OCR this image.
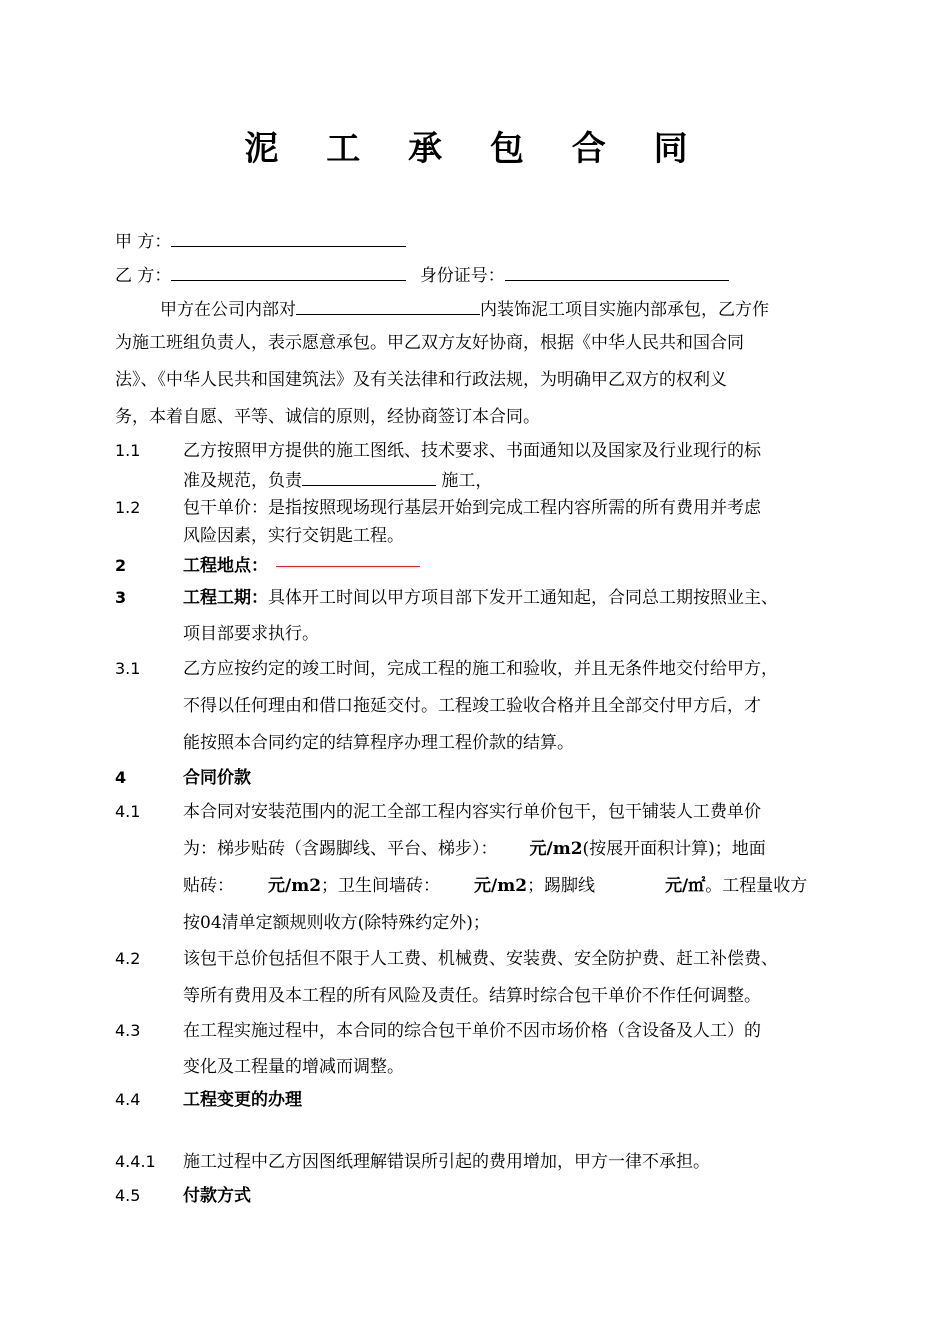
泥 工 承 包 合 同
甲 方：
乙 方：	身份证号：
甲方在公司内部对	内装饰泥工项目实施内部承包，乙方作
为施工班组负责人，表示愿意承包。甲乙双方友好协商，根据《中华人民共和国合同
法》、《中华人民共和国建筑法》及有关法律和行政法规，为明确甲乙双方的权利义
务，本着自愿、平等、诚信的原则，经协商签订本合同。
1.1	乙方按照甲方提供的施工图纸、技术要求、书面通知以及国家及行业现行的标
准及规范，负责	施工，
1.2	包干单价：是指按照现场现行基层开始到完成工程内容所需的所有费用并考虑
风险因素，实行交钥匙工程。
2	工程地点：
3	工程工期：具体开工时间以甲方项目部下发开工通知起，合同总工期按照业主、
项目部要求执行。
3.1	乙方应按约定的竣工时间，完成工程的施工和验收，并且无条件地交付给甲方，
不得以任何理由和借口拖延交付。工程竣工验收合格并且全部交付甲方后，才
能按照本合同约定的结算程序办理工程价款的结算。
4	合同价款
4.1	本合同对安装范围内的泥工全部工程内容实行单价包干，包干铺装人工费单价
为：梯步贴砖（含踢脚线、平台、梯步）： 元/m2(按展开面积计算)；地面
贴砖： 元/m2；卫生间墙砖： 元/m2；踢脚线	元/㎡。工程量收方
按04清单定额规则收方(除特殊约定外)；
4.2	该包干总价包括但不限于人工费、机械费、安装费、安全防护费、赶工补偿费、
等所有费用及本工程的所有风险及责任。结算时综合包干单价不作任何调整。
4.3	在工程实施过程中，本合同的综合包干单价不因市场价格（含设备及人工）的
变化及工程量的增减而调整。
4.4	工程变更的办理
4.4.1 施工过程中乙方因图纸理解错误所引起的费用增加，甲方一律不承担。
4.5	付款方式
